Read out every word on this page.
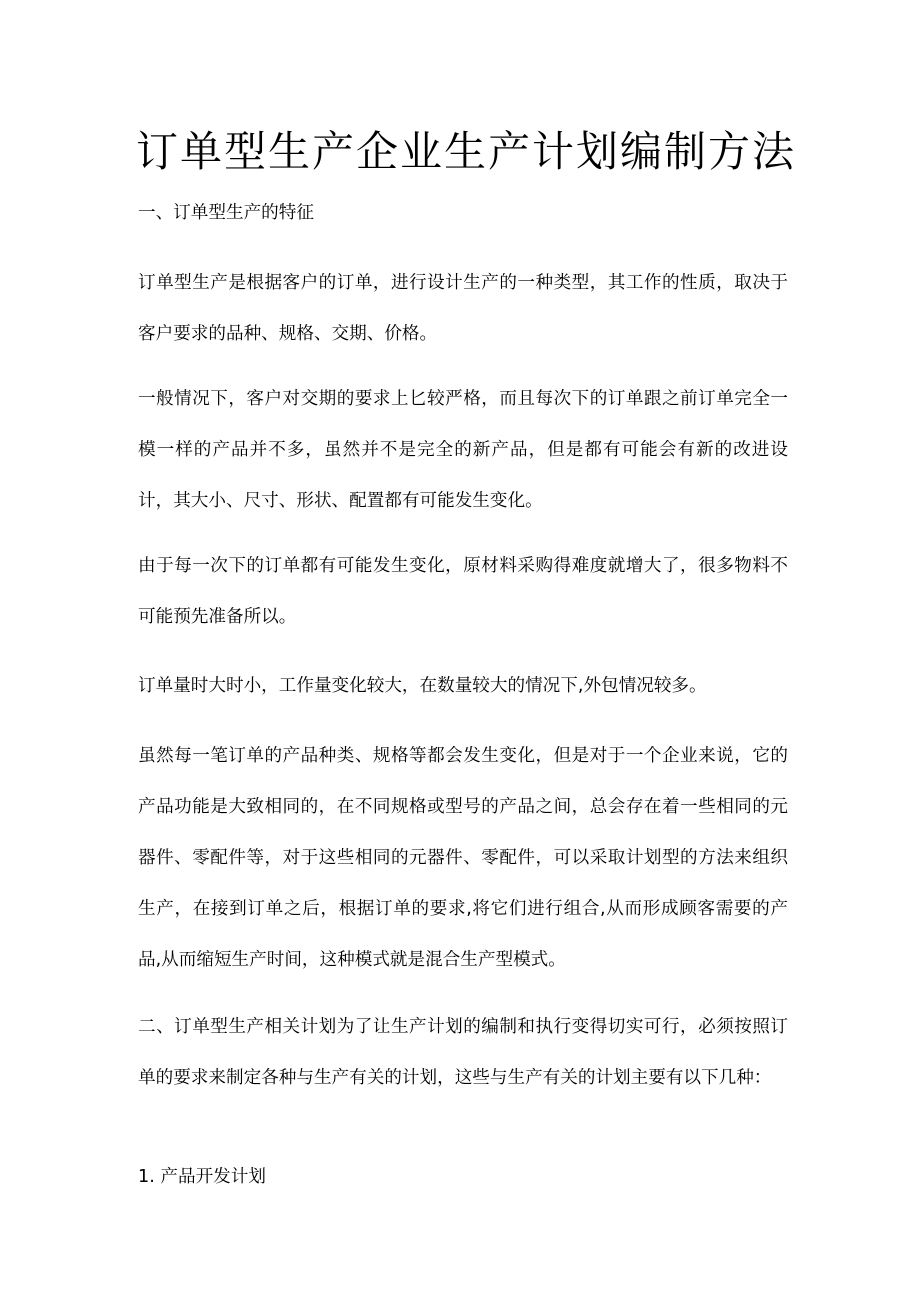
订单型生产企业生产计划编制方法

一、订单型生产的特征

订单型生产是根据客户的订单，进行设计生产的一种类型，其工作的性质，取决于客户要求的品种、规格、交期、价格。

一般情况下，客户对交期的要求上匕较严格，而且每次下的订单跟之前订单完全一模一样的产品并不多，虽然并不是完全的新产品，但是都有可能会有新的改进设计，其大小、尺寸、形状、配置都有可能发生变化。

由于每一次下的订单都有可能发生变化，原材料采购得难度就增大了，很多物料不可能预先准备所以。

订单量时大时小，工作量变化较大，在数量较大的情况下,外包情况较多。

虽然每一笔订单的产品种类、规格等都会发生变化，但是对于一个企业来说，它的产品功能是大致相同的，在不同规格或型号的产品之间，总会存在着一些相同的元器件、零配件等，对于这些相同的元器件、零配件，可以采取计划型的方法来组织生产，在接到订单之后，根据订单的要求,将它们进行组合,从而形成顾客需要的产品,从而缩短生产时间，这种模式就是混合生产型模式。

二、订单型生产相关计划为了让生产计划的编制和执行变得切实可行，必须按照订单的要求来制定各种与生产有关的计划，这些与生产有关的计划主要有以下几种：

1. 产品开发计划
